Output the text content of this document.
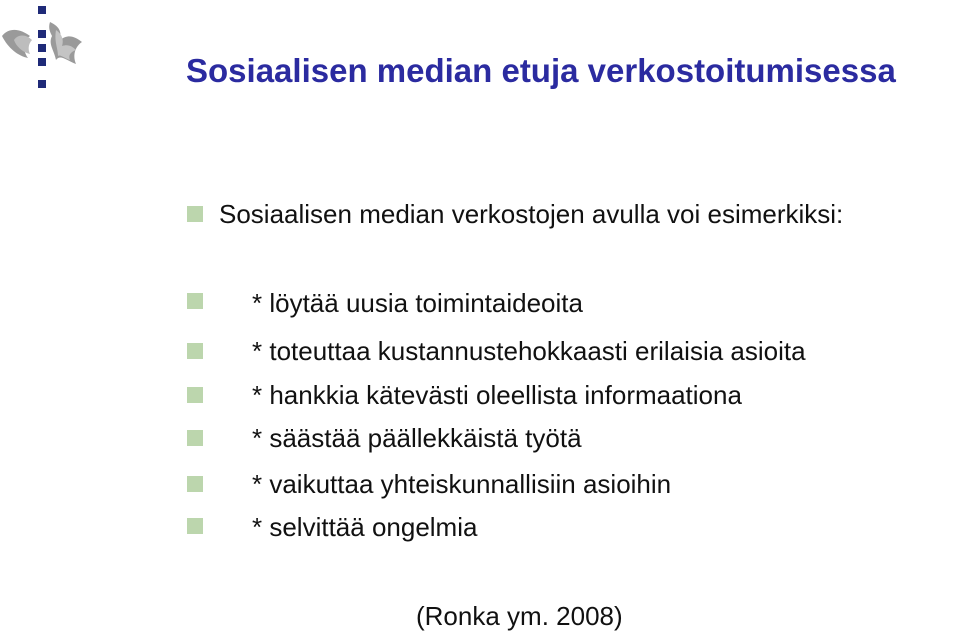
Sosiaalisen median etuja verkostoitumisessa
Sosiaalisen median verkostojen avulla voi esimerkiksi:
* löytää uusia toimintaideoita
* toteuttaa kustannustehokkaasti erilaisia asioita
* hankkia kätevästi oleellista informaationa
* säästää päällekkäistä työtä
* vaikuttaa yhteiskunnallisiin asioihin
* selvittää ongelmia
(Ronka ym. 2008)
